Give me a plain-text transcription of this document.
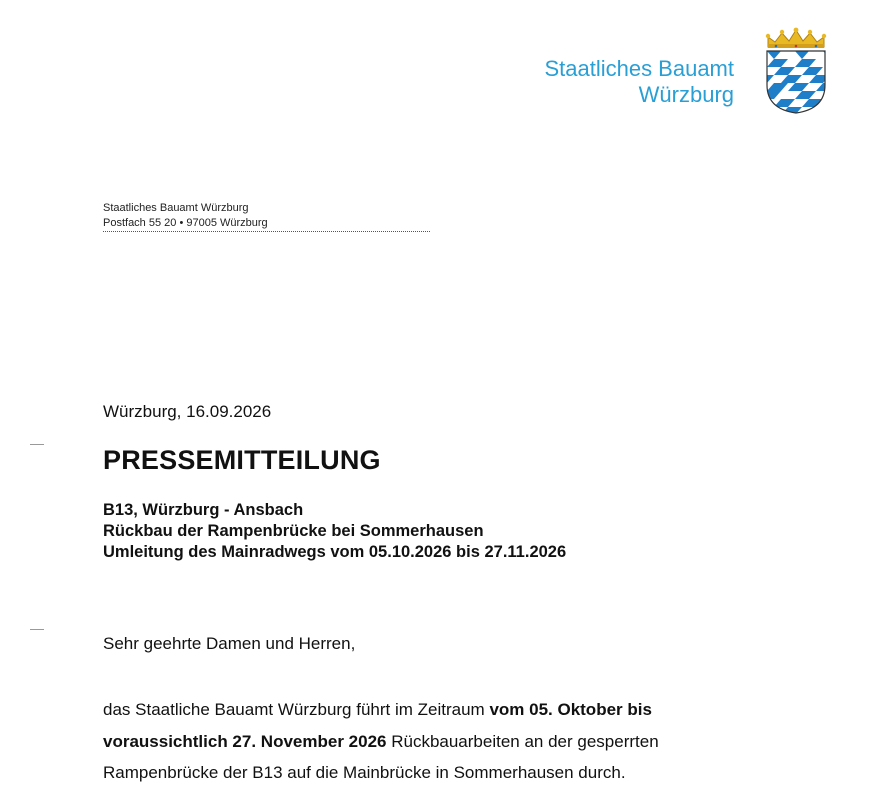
Staatliches Bauamt
Würzburg
Staatliches Bauamt Würzburg
Postfach 55 20 • 97005 Würzburg
Würzburg, 16.09.2026
PRESSEMITTEILUNG
B13, Würzburg - Ansbach
Rückbau der Rampenbrücke bei Sommerhausen
Umleitung des Mainradwegs vom 05.10.2026 bis 27.11.2026
Sehr geehrte Damen und Herren,
das Staatliche Bauamt Würzburg führt im Zeitraum vom 05. Oktober bis voraussichtlich 27. November 2026 Rückbauarbeiten an der gesperrten Rampenbrücke der B13 auf die Mainbrücke in Sommerhausen durch.
